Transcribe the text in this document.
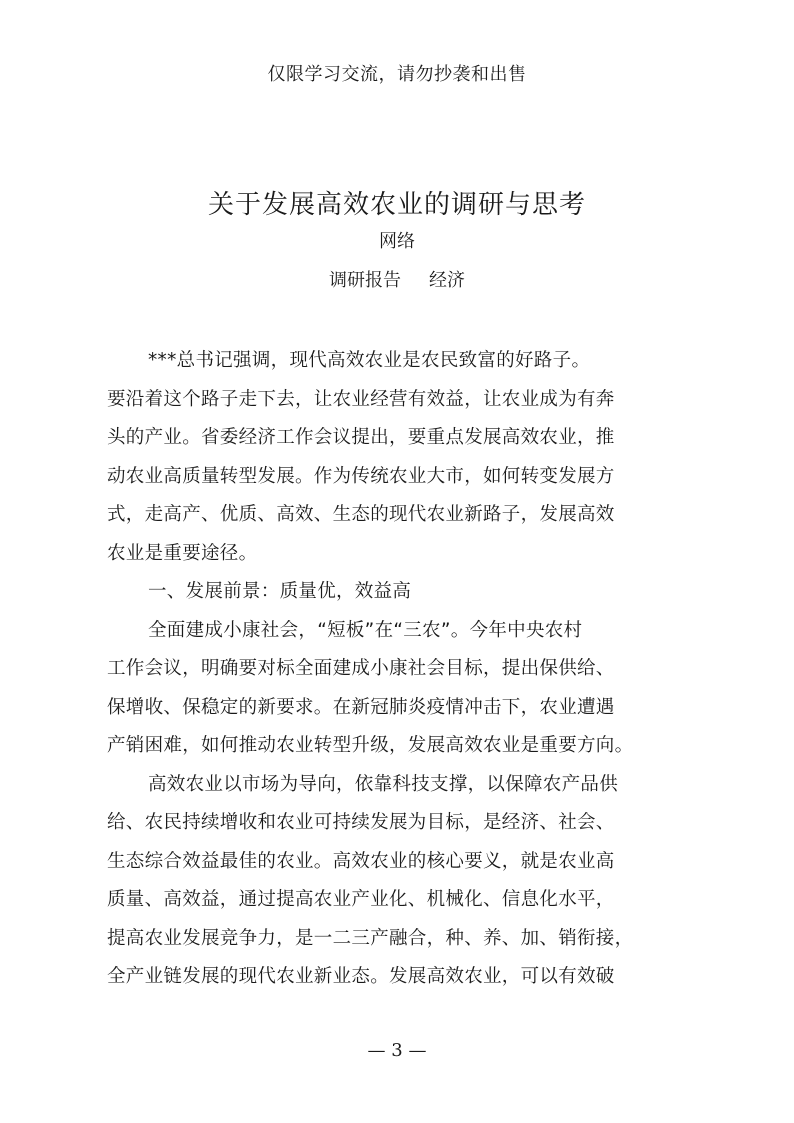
仅限学习交流，请勿抄袭和出售
关于发展高效农业的调研与思考
网络
调研报告 经济
***总书记强调，现代高效农业是农民致富的好路子。
要沿着这个路子走下去，让农业经营有效益，让农业成为有奔
头的产业。省委经济工作会议提出，要重点发展高效农业，推
动农业高质量转型发展。作为传统农业大市，如何转变发展方
式，走高产、优质、高效、生态的现代农业新路子，发展高效
农业是重要途径。
一、发展前景：质量优，效益高
全面建成小康社会，“短板”在“三农”。今年中央农村
工作会议，明确要对标全面建成小康社会目标，提出保供给、
保增收、保稳定的新要求。在新冠肺炎疫情冲击下，农业遭遇
产销困难，如何推动农业转型升级，发展高效农业是重要方向。
高效农业以市场为导向，依靠科技支撑，以保障农产品供
给、农民持续增收和农业可持续发展为目标，是经济、社会、
生态综合效益最佳的农业。高效农业的核心要义，就是农业高
质量、高效益，通过提高农业产业化、机械化、信息化水平，
提高农业发展竞争力，是一二三产融合，种、养、加、销衔接，
全产业链发展的现代农业新业态。发展高效农业，可以有效破
— 3 —
